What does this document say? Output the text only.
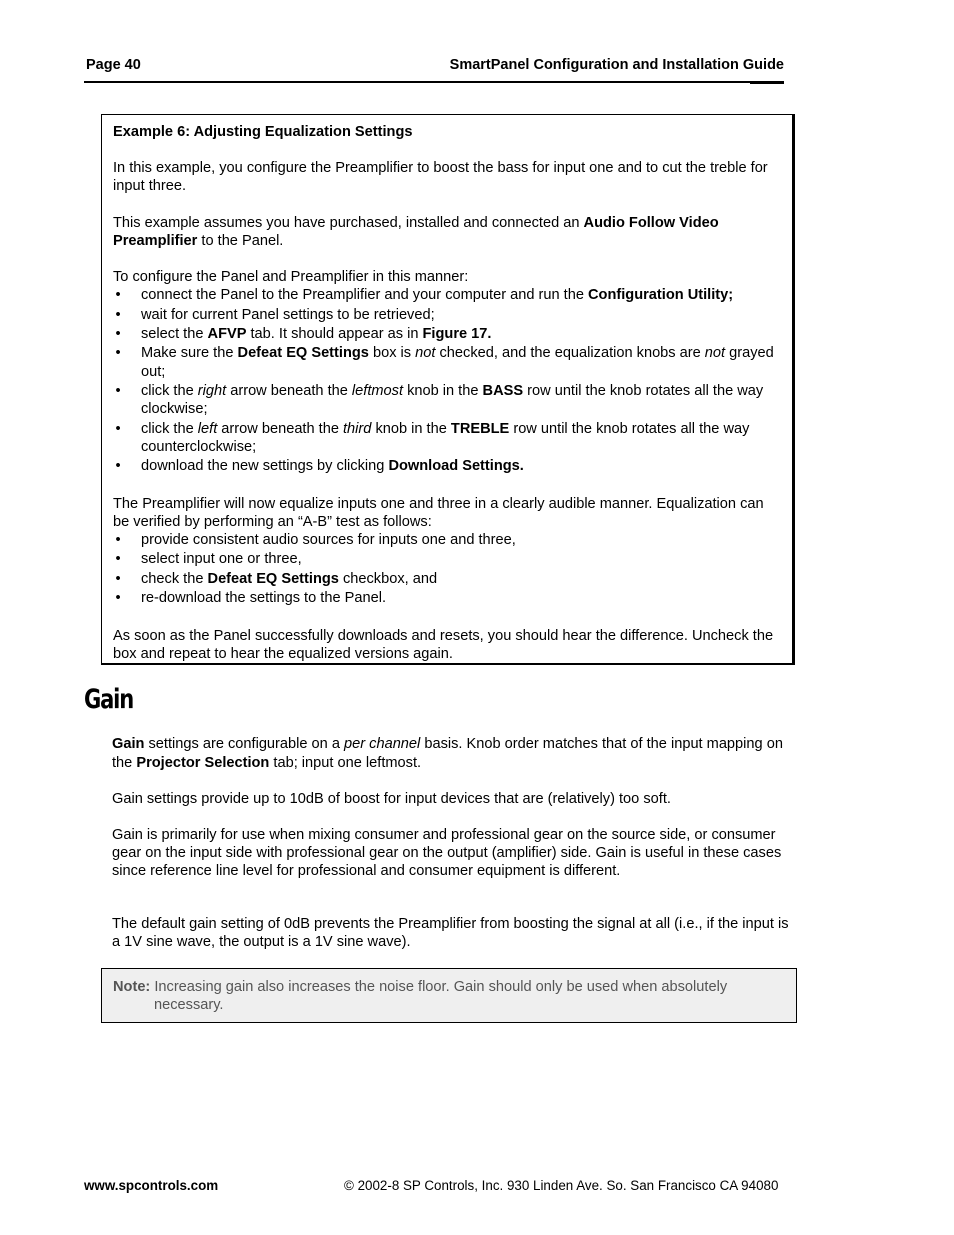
Page 40	SmartPanel Configuration and Installation Guide

Example 6: Adjusting Equalization Settings

In this example, you configure the Preamplifier to boost the bass for input one and to cut the treble for input three.

This example assumes you have purchased, installed and connected an Audio Follow Video Preamplifier to the Panel.

To configure the Panel and Preamplifier in this manner:

• connect the Panel to the Preamplifier and your computer and run the Configuration Utility;
• wait for current Panel settings to be retrieved;
• select the AFVP tab. It should appear as in Figure 17.
• Make sure the Defeat EQ Settings box is not checked, and the equalization knobs are not grayed out;
• click the right arrow beneath the leftmost knob in the BASS row until the knob rotates all the way clockwise;
• click the left arrow beneath the third knob in the TREBLE row until the knob rotates all the way counterclockwise;
• download the new settings by clicking Download Settings.

The Preamplifier will now equalize inputs one and three in a clearly audible manner. Equalization can be verified by performing an “A-B” test as follows:

• provide consistent audio sources for inputs one and three,
• select input one or three,
• check the Defeat EQ Settings checkbox, and
• re-download the settings to the Panel.

As soon as the Panel successfully downloads and resets, you should hear the difference. Uncheck the box and repeat to hear the equalized versions again.

Gain

Gain settings are configurable on a per channel basis. Knob order matches that of the input mapping on the Projector Selection tab; input one leftmost.

Gain settings provide up to 10dB of boost for input devices that are (relatively) too soft.
Gain is primarily for use when mixing consumer and professional gear on the source side, or consumer gear on the input side with professional gear on the output (amplifier) side. Gain is useful in these cases since reference line level for professional and consumer equipment is different.
The default gain setting of 0dB prevents the Preamplifier from boosting the signal at all (i.e., if the input is a 1V sine wave, the output is a 1V sine wave).
Note: Increasing gain also increases the noise floor. Gain should only be used when absolutely
necessary.
www.spcontrols.com	© 2002-8 SP Controls, Inc. 930 Linden Ave. So. San Francisco CA 94080
